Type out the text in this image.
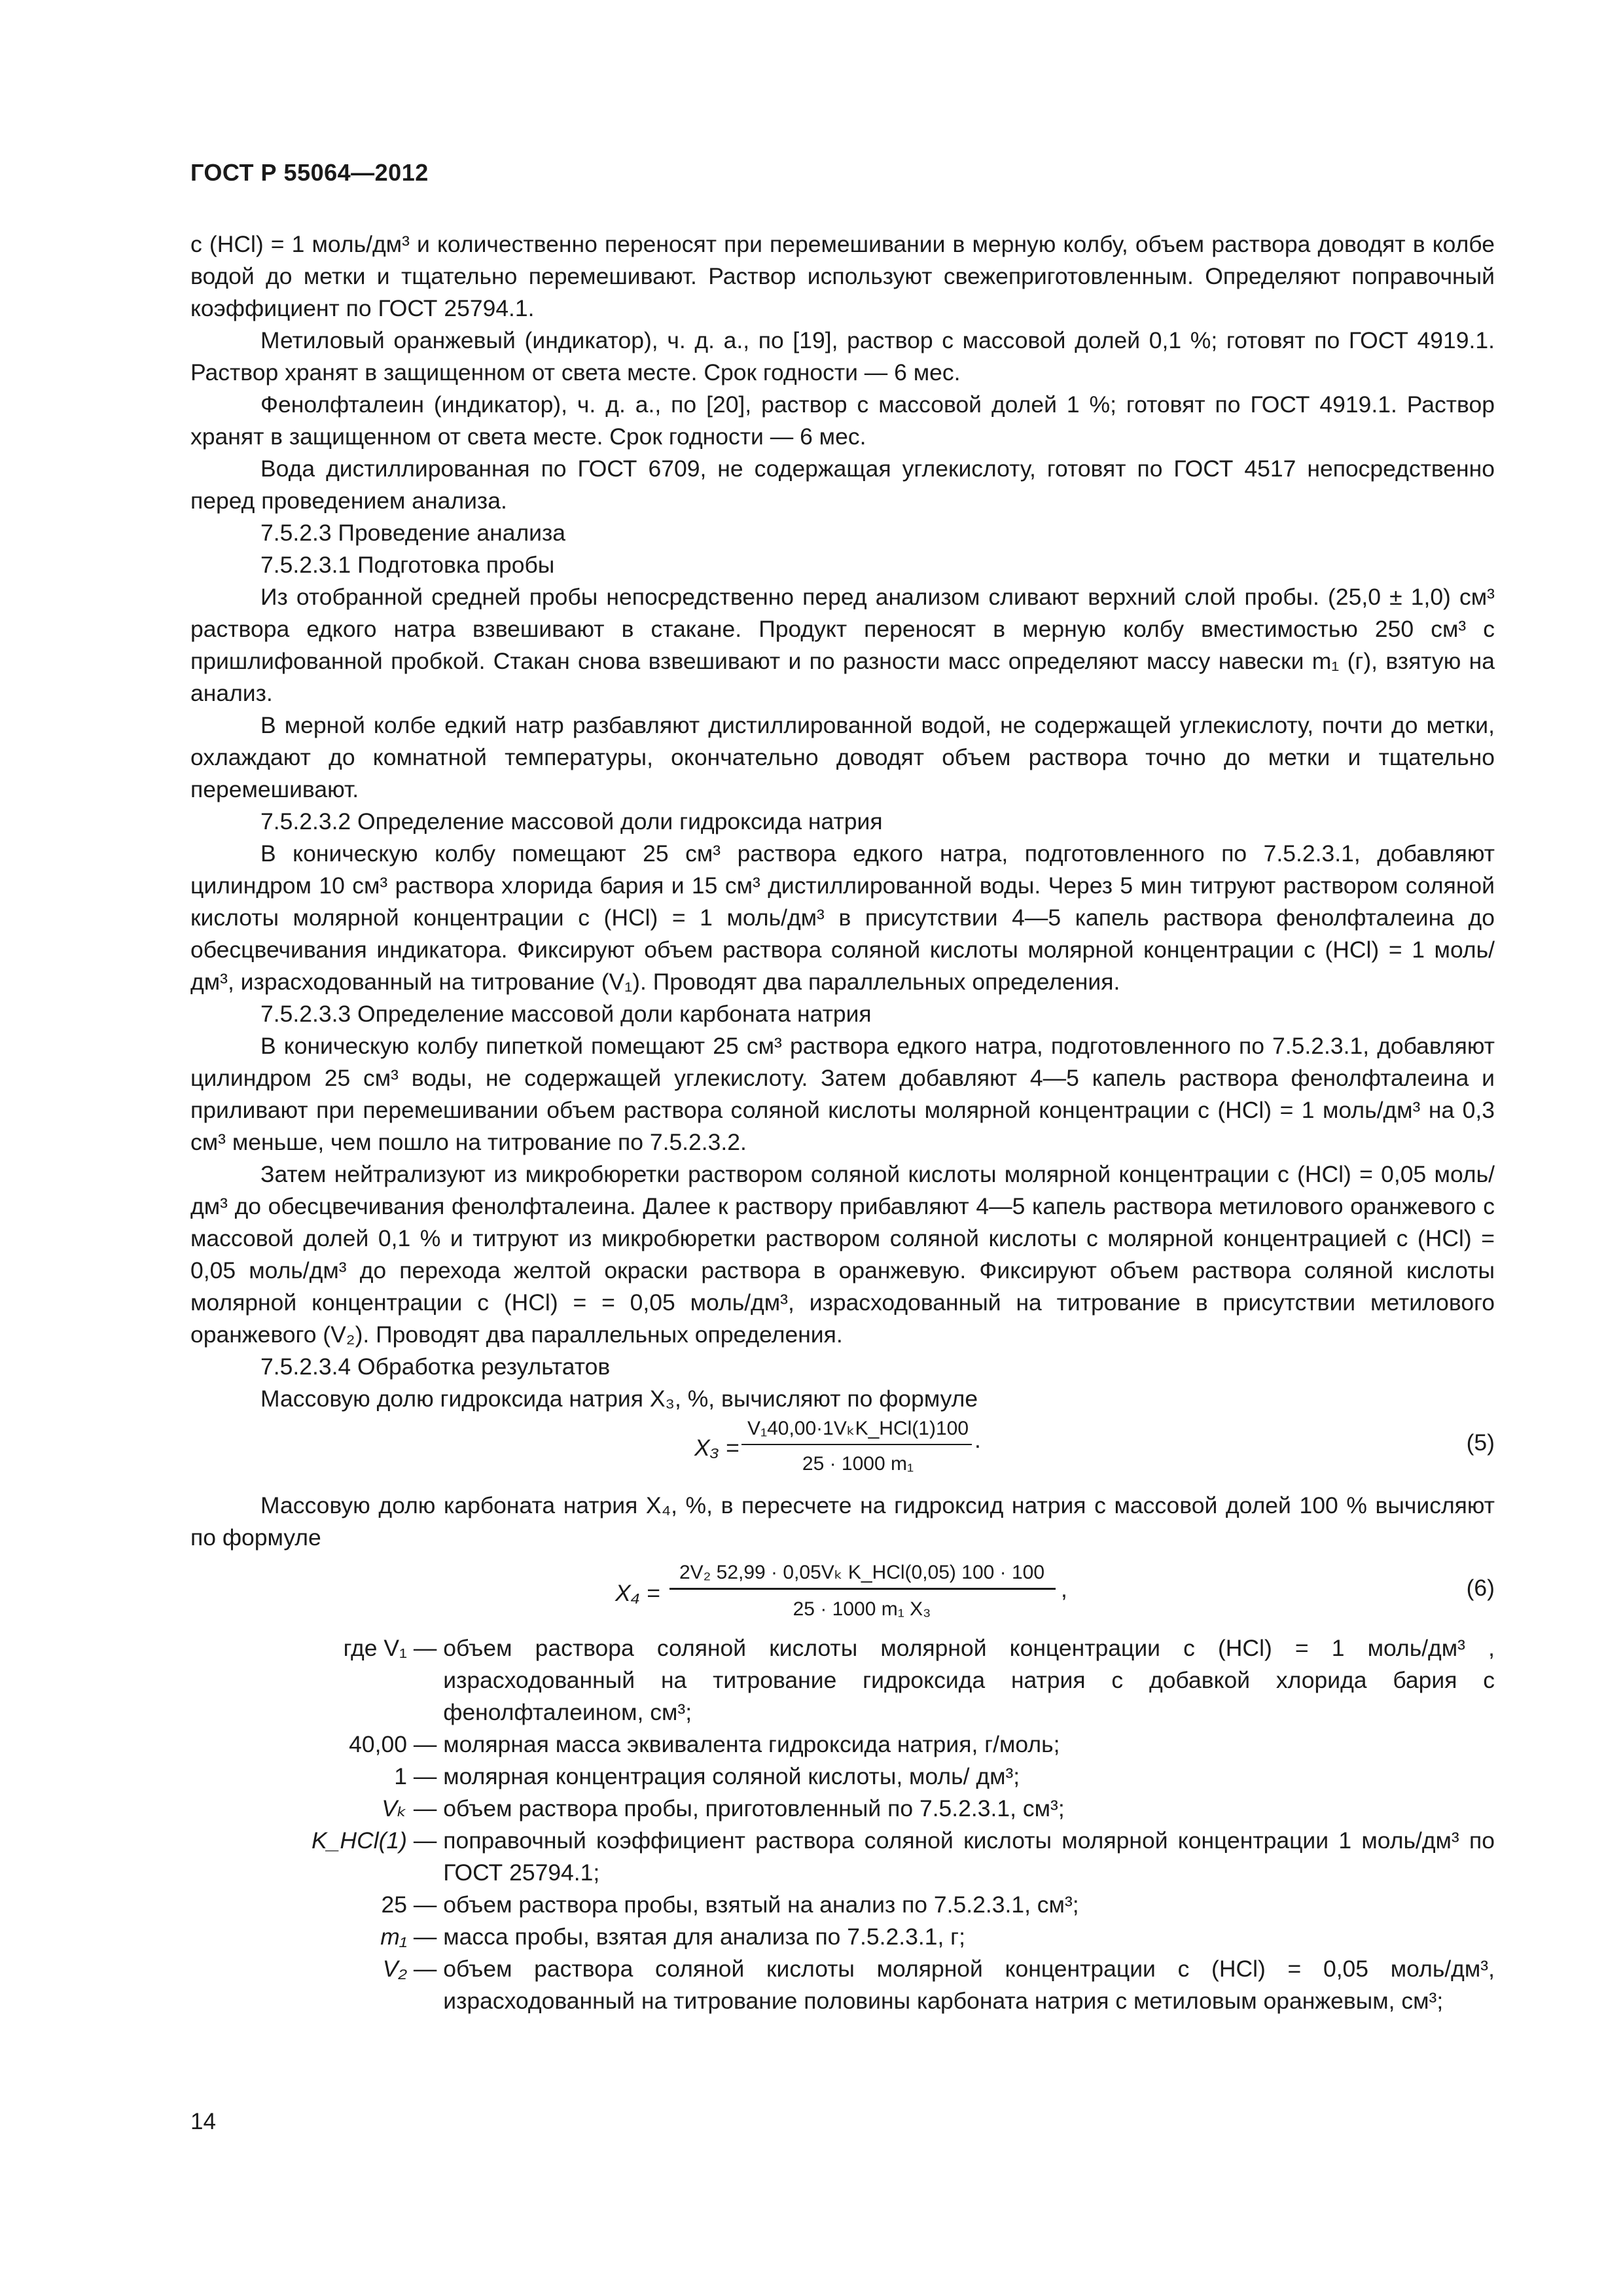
ГОСТ Р 55064—2012

с (HCl) = 1 моль/дм³ и количественно переносят при перемешивании в мерную колбу, объем раствора доводят в колбе водой до метки и тщательно перемешивают. Раствор используют свежеприготовленным. Определяют поправочный коэффициент по ГОСТ 25794.1.

Метиловый оранжевый (индикатор), ч. д. а., по [19], раствор с массовой долей 0,1 %; готовят по ГОСТ 4919.1. Раствор хранят в защищенном от света месте. Срок годности — 6 мес.

Фенолфталеин (индикатор), ч. д. а., по [20], раствор с массовой долей 1 %; готовят по ГОСТ 4919.1. Раствор хранят в защищенном от света месте. Срок годности — 6 мес.

Вода дистиллированная по ГОСТ 6709, не содержащая углекислоту, готовят по ГОСТ 4517 непосредственно перед проведением анализа.

7.5.2.3 Проведение анализа

7.5.2.3.1 Подготовка пробы

Из отобранной средней пробы непосредственно перед анализом сливают верхний слой пробы. (25,0 ± 1,0) см³ раствора едкого натра взвешивают в стакане. Продукт переносят в мерную колбу вместимостью 250 см³ с пришлифованной пробкой. Стакан снова взвешивают и по разности масс определяют массу навески m₁ (г), взятую на анализ.

В мерной колбе едкий натр разбавляют дистиллированной водой, не содержащей углекислоту, почти до метки, охлаждают до комнатной температуры, окончательно доводят объем раствора точно до метки и тщательно перемешивают.

7.5.2.3.2 Определение массовой доли гидроксида натрия

В коническую колбу помещают 25 см³ раствора едкого натра, подготовленного по 7.5.2.3.1, добавляют цилиндром 10 см³ раствора хлорида бария и 15 см³ дистиллированной воды. Через 5 мин титруют раствором соляной кислоты молярной концентрации с (HCl) = 1 моль/дм³ в присутствии 4—5 капель раствора фенолфталеина до обесцвечивания индикатора. Фиксируют объем раствора соляной кислоты молярной концентрации с (HCl) = 1 моль/дм³, израсходованный на титрование (V₁). Проводят два параллельных определения.

7.5.2.3.3 Определение массовой доли карбоната натрия

В коническую колбу пипеткой помещают 25 см³ раствора едкого натра, подготовленного по 7.5.2.3.1, добавляют цилиндром 25 см³ воды, не содержащей углекислоту. Затем добавляют 4—5 капель раствора фенолфталеина и приливают при перемешивании объем раствора соляной кислоты молярной концентрации с (HCl) = 1 моль/дм³ на 0,3 см³ меньше, чем пошло на титрование по 7.5.2.3.2.

Затем нейтрализуют из микробюретки раствором соляной кислоты молярной концентрации с (HCl) = 0,05 моль/дм³ до обесцвечивания фенолфталеина. Далее к раствору прибавляют 4—5 капель раствора метилового оранжевого с массовой долей 0,1 % и титруют из микробюретки раствором соляной кислоты с молярной концентрацией с (HCl) = 0,05 моль/дм³ до перехода желтой окраски раствора в оранжевую. Фиксируют объем раствора соляной кислоты молярной концентрации с (HCl) = = 0,05 моль/дм³, израсходованный на титрование в присутствии метилового оранжевого (V₂). Проводят два параллельных определения.

7.5.2.3.4 Обработка результатов

Массовую долю гидроксида натрия X₃, %, вычисляют по формуле

X₃ =
V₁40,00·1VₖK_HCl(1)100
25 · 1000 m₁
.	(5)

Массовую долю карбоната натрия X₄, %, в пересчете на гидроксид натрия с массовой долей 100 % вычисляют по формуле

X₄ =
2V₂ 52,99 · 0,05Vₖ K_HCl(0,05) 100 · 100
25 · 1000 m₁ X₃
,	(6)
где V₁ — объем раствора соляной кислоты молярной концентрации с (HCl) = 1 моль/дм³ , израсходованный на титрование гидроксида натрия с добавкой хлорида бария с фенолфталеином, см³;
40,00 — молярная масса эквивалента гидроксида натрия, г/моль;
1 — молярная концентрация соляной кислоты, моль/ дм³;
Vₖ — объем раствора пробы, приготовленный по 7.5.2.3.1, см³;
K_HCl(1) — поправочный коэффициент раствора соляной кислоты молярной концентрации 1 моль/дм³ по ГОСТ 25794.1;
25 — объем раствора пробы, взятый на анализ по 7.5.2.3.1, см³;
m₁ — масса пробы, взятая для анализа по 7.5.2.3.1, г;
V₂ — объем раствора соляной кислоты молярной концентрации с (HCl) = 0,05 моль/дм³, израсходованный на титрование половины карбоната натрия с метиловым оранжевым, см³;
14
